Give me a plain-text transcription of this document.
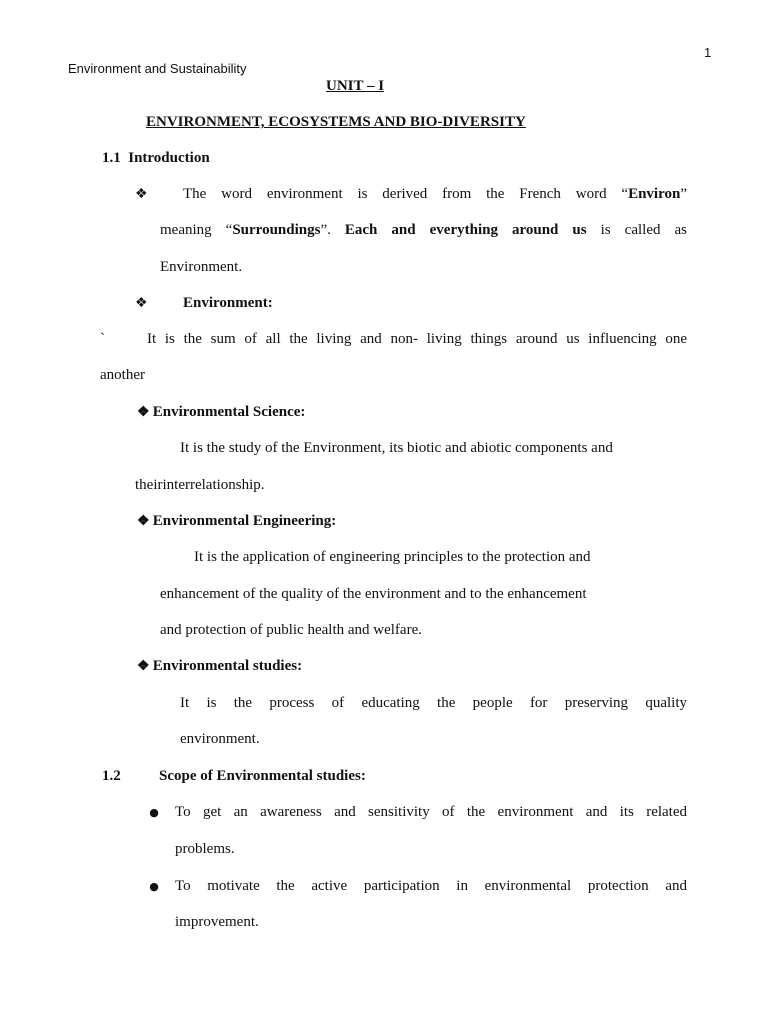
1
Environment and Sustainability
UNIT – I
ENVIRONMENT, ECOSYSTEMS AND BIO-DIVERSITY
1.1 Introduction
❖ The word environment is derived from the French word “Environ”
meaning “Surroundings”. Each and everything around us is called as
Environment.
❖ Environment:
`	It is the sum of all the living and non- living things around us influencing one
another
❖ Environmental Science:
It is the study of the Environment, its biotic and abiotic components and
theirinterrelationship.
❖ Environmental Engineering:
It is the application of engineering principles to the protection and
enhancement of the quality of the environment and to the enhancement
and protection of public health and welfare.
❖ Environmental studies:
It is the process of educating the people for preserving quality
environment.
1.2	Scope of Environmental studies:
● To get an awareness and sensitivity of the environment and its related
problems.
● To motivate the active participation in environmental protection and
improvement.
